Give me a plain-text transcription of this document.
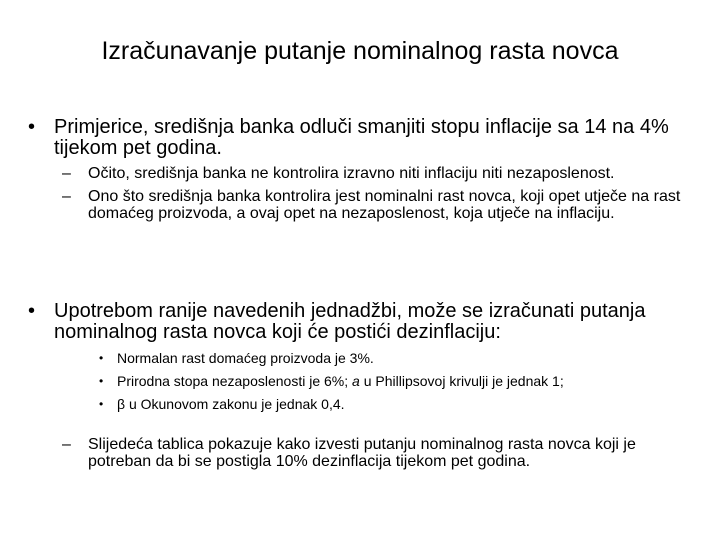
Izračunavanje putanje nominalnog rasta novca
• Primjerice, središnja banka odluči smanjiti stopu inflacije sa 14 na 4% tijekom pet godina.
– Očito, središnja banka ne kontrolira izravno niti inflaciju niti nezaposlenost.
– Ono što središnja banka kontrolira jest nominalni rast novca, koji opet utječe na rast domaćeg proizvoda, a ovaj opet na nezaposlenost, koja utječe na inflaciju.
• Upotrebom ranije navedenih jednadžbi, može se izračunati putanja nominalnog rasta novca koji će postići dezinflaciju:
• Normalan rast domaćeg proizvoda je 3%.
• Prirodna stopa nezaposlenosti je 6%; a u Phillipsovoj krivulji je jednak 1;
• β u Okunovom zakonu je jednak 0,4.
– Slijedeća tablica pokazuje kako izvesti putanju nominalnog rasta novca koji je potreban da bi se postigla 10% dezinflacija tijekom pet godina.
